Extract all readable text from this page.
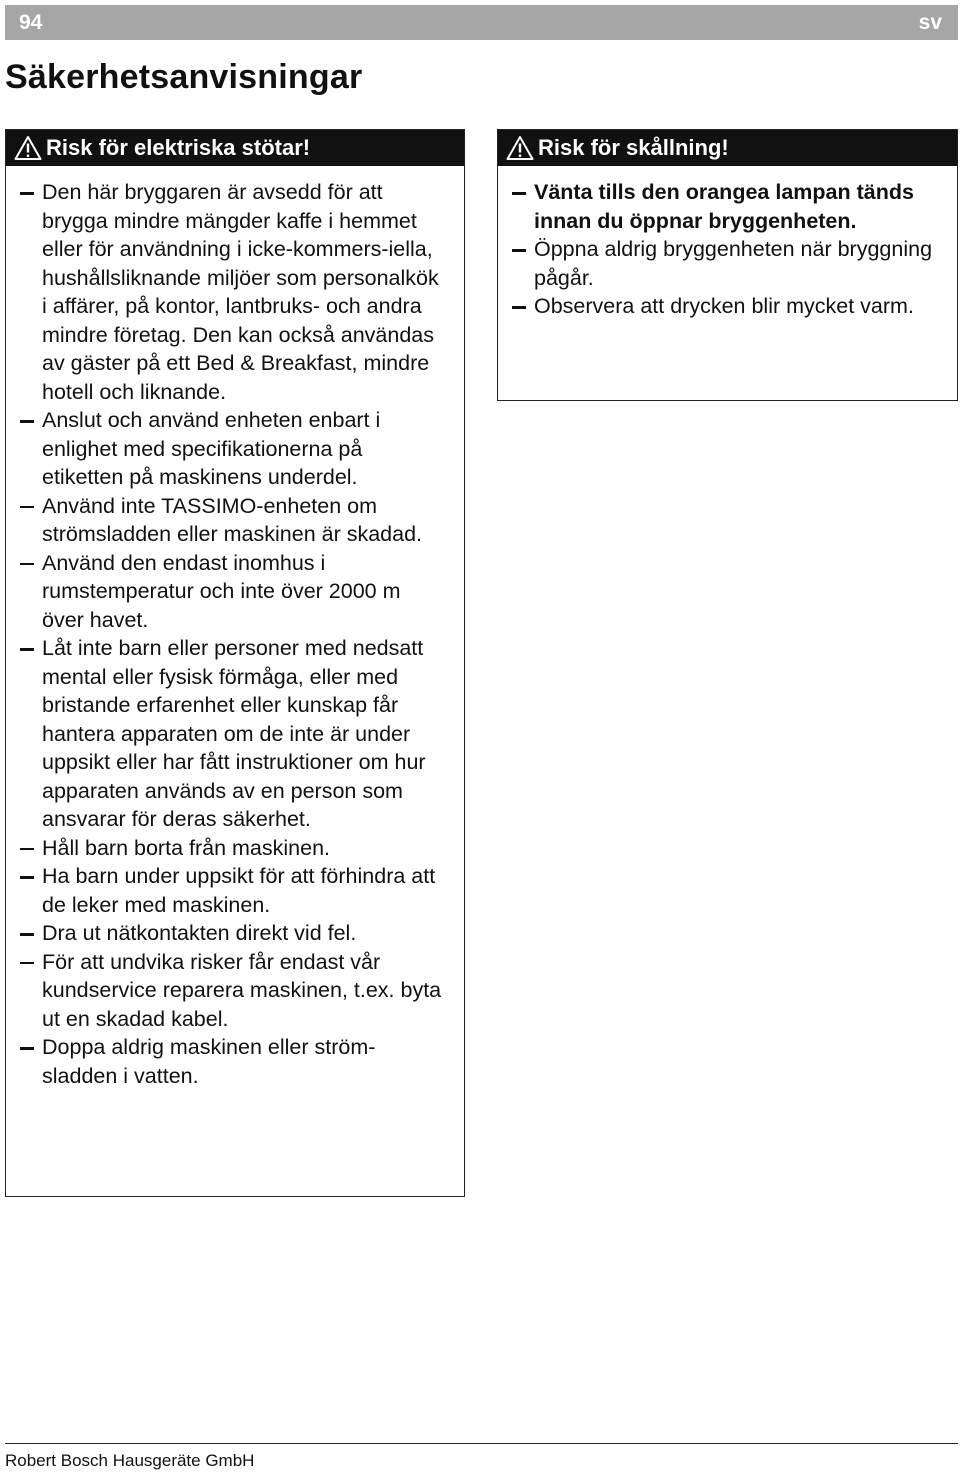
94	sv
Säkerhetsanvisningar
Risk för elektriska stötar!
Den här bryggaren är avsedd för att brygga mindre mängder kaffe i hemmet eller för användning i icke-kommers-iella, hushållsliknande miljöer som personalkök i affärer, på kontor, lantbruks- och andra mindre företag. Den kan också användas av gäster på ett Bed & Breakfast, mindre hotell och liknande.
Anslut och använd enheten enbart i enlighet med specifikationerna på etiketten på maskinens underdel.
Använd inte TASSIMO-enheten om strömsladden eller maskinen är skadad.
Använd den endast inomhus i rumstemperatur och inte över 2000 m över havet.
Låt inte barn eller personer med nedsatt mental eller fysisk förmåga, eller med bristande erfarenhet eller kunskap får hantera apparaten om de inte är under uppsikt eller har fått instruktioner om hur apparaten används av en person som ansvarar för deras säkerhet.
Håll barn borta från maskinen.
Ha barn under uppsikt för att förhindra att de leker med maskinen.
Dra ut nätkontakten direkt vid fel.
För att undvika risker får endast vår kundservice reparera maskinen, t.ex. byta ut en skadad kabel.
Doppa aldrig maskinen eller ström-sladden i vatten.
Risk för skållning!
Vänta tills den orangea lampan tänds innan du öppnar bryggenheten.
Öppna aldrig bryggenheten när bryggning pågår.
Observera att drycken blir mycket varm.
Robert Bosch Hausgeräte GmbH
